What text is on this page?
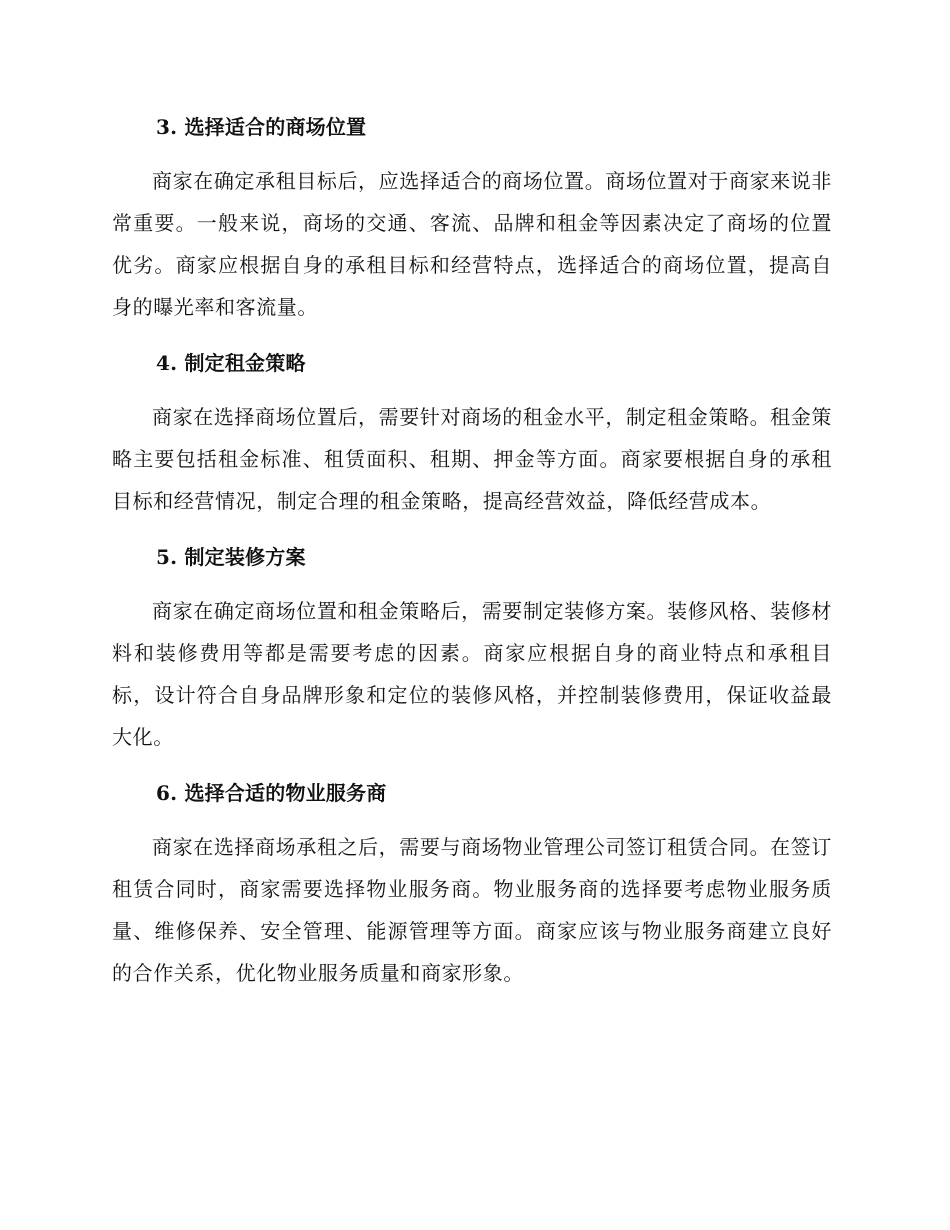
3. 选择适合的商场位置

商家在确定承租目标后，应选择适合的商场位置。商场位置对于商家来说非常重要。一般来说，商场的交通、客流、品牌和租金等因素决定了商场的位置优劣。商家应根据自身的承租目标和经营特点，选择适合的商场位置，提高自身的曝光率和客流量。

4. 制定租金策略

商家在选择商场位置后，需要针对商场的租金水平，制定租金策略。租金策略主要包括租金标准、租赁面积、租期、押金等方面。商家要根据自身的承租目标和经营情况，制定合理的租金策略，提高经营效益，降低经营成本。

5. 制定装修方案

商家在确定商场位置和租金策略后，需要制定装修方案。装修风格、装修材料和装修费用等都是需要考虑的因素。商家应根据自身的商业特点和承租目标，设计符合自身品牌形象和定位的装修风格，并控制装修费用，保证收益最大化。

6. 选择合适的物业服务商

商家在选择商场承租之后，需要与商场物业管理公司签订租赁合同。在签订租赁合同时，商家需要选择物业服务商。物业服务商的选择要考虑物业服务质量、维修保养、安全管理、能源管理等方面。商家应该与物业服务商建立良好的合作关系，优化物业服务质量和商家形象。
